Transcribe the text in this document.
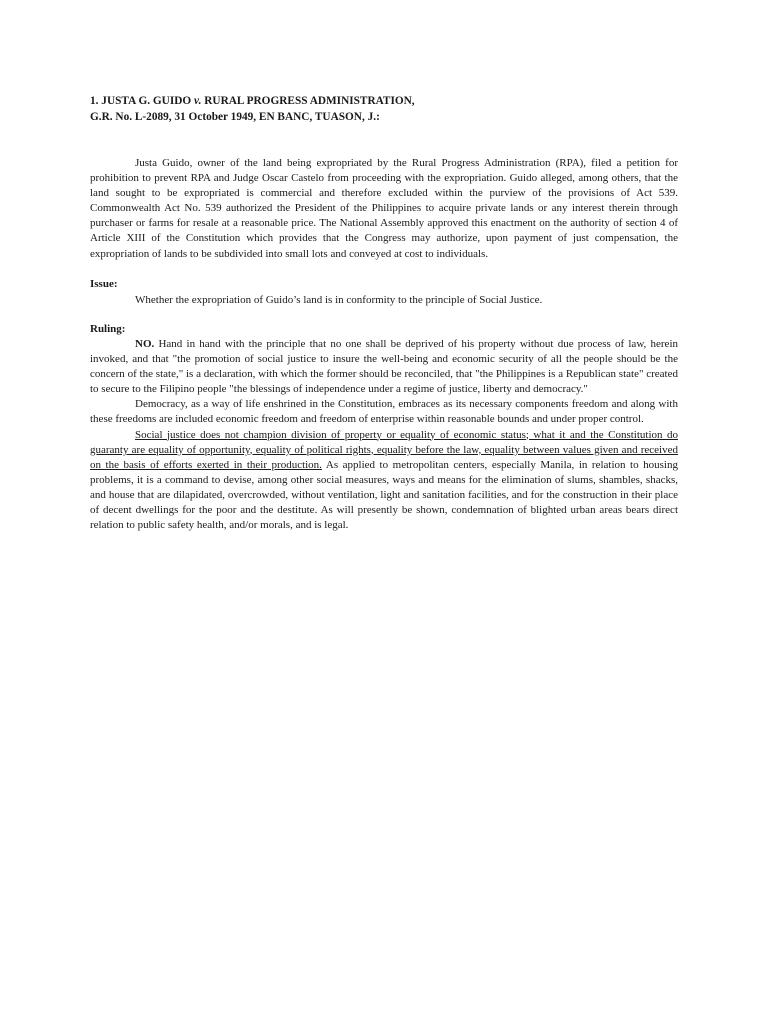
1. JUSTA G. GUIDO v. RURAL PROGRESS ADMINISTRATION,
G.R. No. L-2089, 31 October 1949, EN BANC, TUASON, J.:

Justa Guido, owner of the land being expropriated by the Rural Progress Administration (RPA), filed a petition for prohibition to prevent RPA and Judge Oscar Castelo from proceeding with the expropriation. Guido alleged, among others, that the land sought to be expropriated is commercial and therefore excluded within the purview of the provisions of Act 539. Commonwealth Act No. 539 authorized the President of the Philippines to acquire private lands or any interest therein through purchaser or farms for resale at a reasonable price. The National Assembly approved this enactment on the authority of section 4 of Article XIII of the Constitution which provides that the Congress may authorize, upon payment of just compensation, the expropriation of lands to be subdivided into small lots and conveyed at cost to individuals.

Issue:
Whether the expropriation of Guido’s land is in conformity to the principle of Social Justice.
Ruling:

NO. Hand in hand with the principle that no one shall be deprived of his property without due process of law, herein invoked, and that "the promotion of social justice to insure the well-being and economic security of all the people should be the concern of the state," is a declaration, with which the former should be reconciled, that "the Philippines is a Republican state" created to secure to the Filipino people "the blessings of independence under a regime of justice, liberty and democracy."

Democracy, as a way of life enshrined in the Constitution, embraces as its necessary components freedom and along with these freedoms are included economic freedom and freedom of enterprise within reasonable bounds and under proper control.

Social justice does not champion division of property or equality of economic status; what it and the Constitution do guaranty are equality of opportunity, equality of political rights, equality before the law, equality between values given and received on the basis of efforts exerted in their production. As applied to metropolitan centers, especially Manila, in relation to housing problems, it is a command to devise, among other social measures, ways and means for the elimination of slums, shambles, shacks, and house that are dilapidated, overcrowded, without ventilation, light and sanitation facilities, and for the construction in their place of decent dwellings for the poor and the destitute. As will presently be shown, condemnation of blighted urban areas bears direct relation to public safety health, and/or morals, and is legal.
